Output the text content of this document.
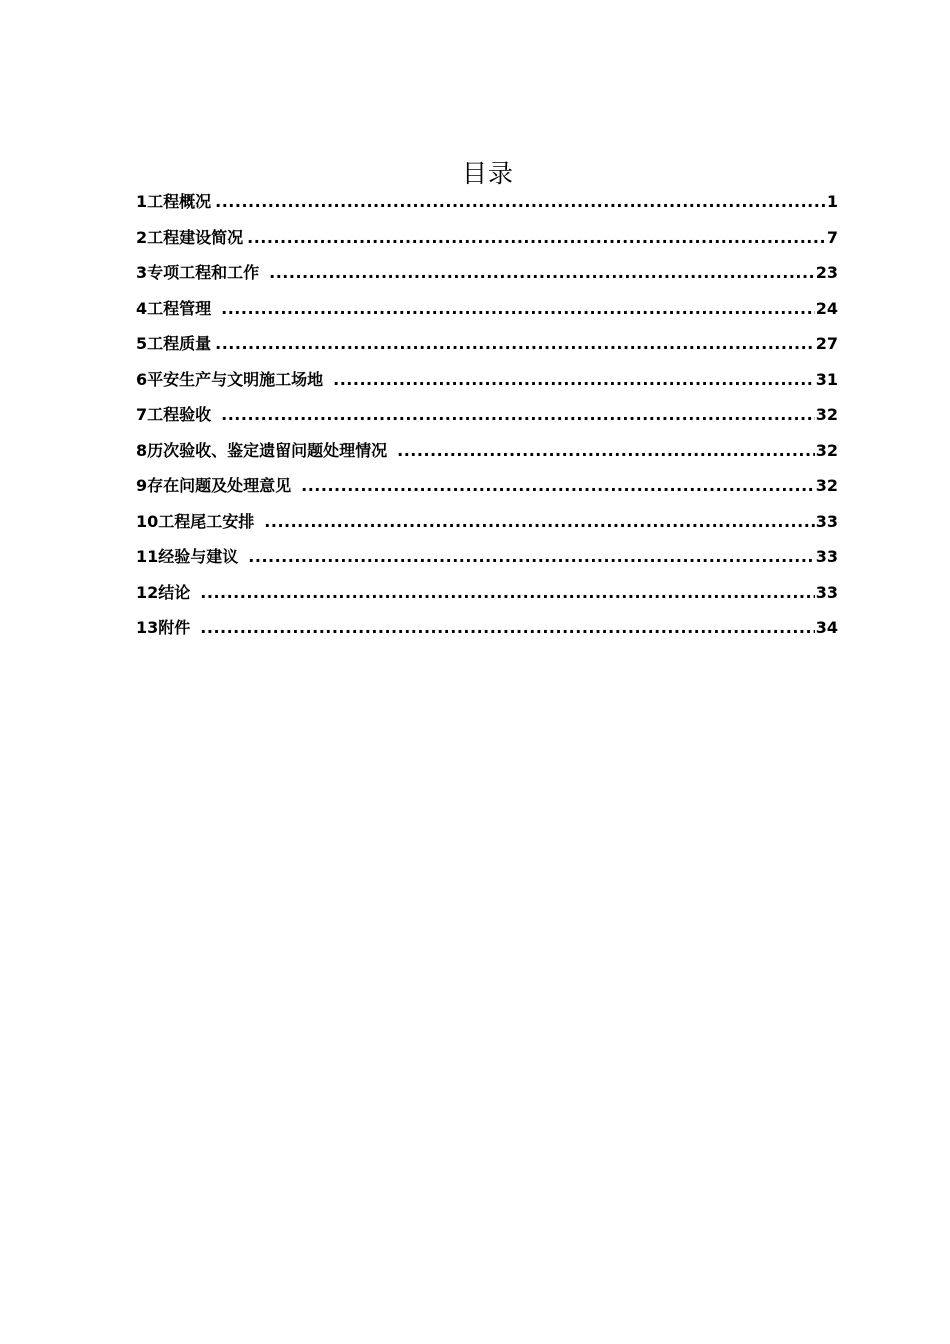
目录
1工程概况 .....	1
2工程建设简况 .....	7
3专项工程和工作 .....	23
4工程管理 .....	24
5工程质量 .....	27
6平安生产与文明施工场地 .....	31
7工程验收 .....	32
8历次验收、鉴定遗留问题处理情况 .....	32
9存在问题及处理意见 .....	32
10工程尾工安排 .....	33
11经验与建议 .....	33
12结论 .....	33
13附件 .....	34
